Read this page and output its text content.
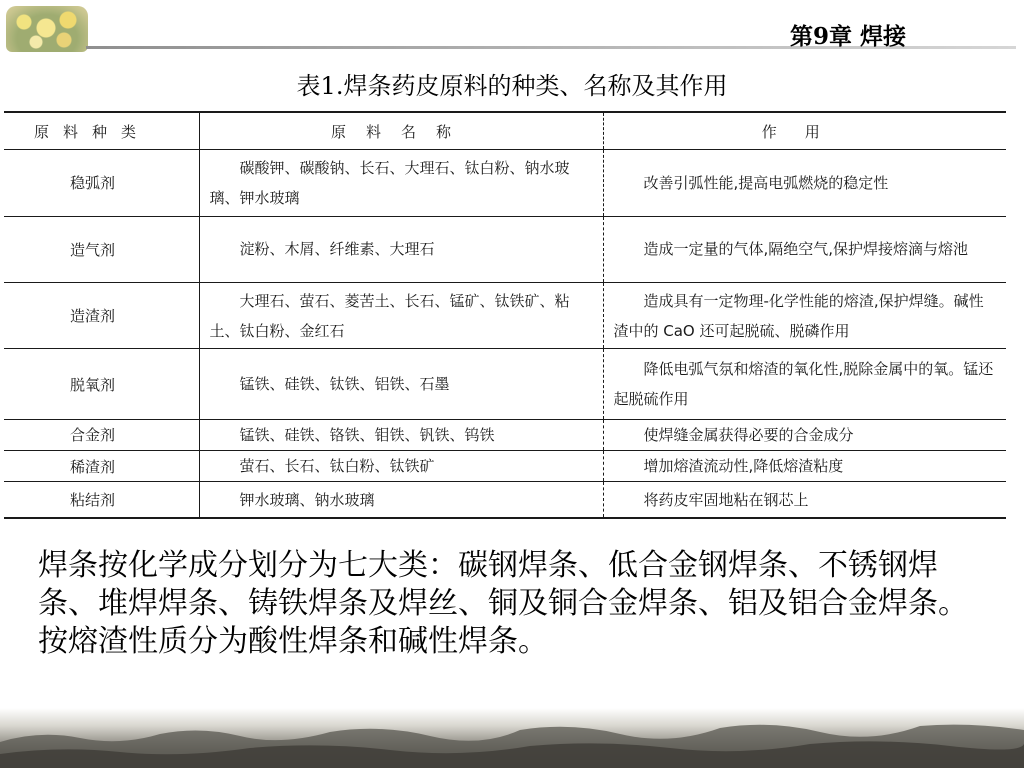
第9章 焊接
表1.焊条药皮原料的种类、名称及其作用
原料种类	原料名称	作用
稳弧剂	碳酸钾、碳酸钠、长石、大理石、钛白粉、钠水玻璃、钾水玻璃	改善引弧性能,提高电弧燃烧的稳定性
造气剂	淀粉、木屑、纤维素、大理石	造成一定量的气体,隔绝空气,保护焊接熔滴与熔池
造渣剂	大理石、萤石、菱苦土、长石、锰矿、钛铁矿、粘土、钛白粉、金红石	造成具有一定物理-化学性能的熔渣,保护焊缝。碱性渣中的 CaO 还可起脱硫、脱磷作用
脱氧剂	锰铁、硅铁、钛铁、铝铁、石墨	降低电弧气氛和熔渣的氧化性,脱除金属中的氧。锰还起脱硫作用
合金剂	锰铁、硅铁、铬铁、钼铁、钒铁、钨铁	使焊缝金属获得必要的合金成分
稀渣剂	萤石、长石、钛白粉、钛铁矿	增加熔渣流动性,降低熔渣粘度
粘结剂	钾水玻璃、钠水玻璃	将药皮牢固地粘在钢芯上

焊条按化学成分划分为七大类：碳钢焊条、低合金钢焊条、不锈钢焊条、堆焊焊条、铸铁焊条及焊丝、铜及铜合金焊条、铝及铝合金焊条。

按熔渣性质分为酸性焊条和碱性焊条。
